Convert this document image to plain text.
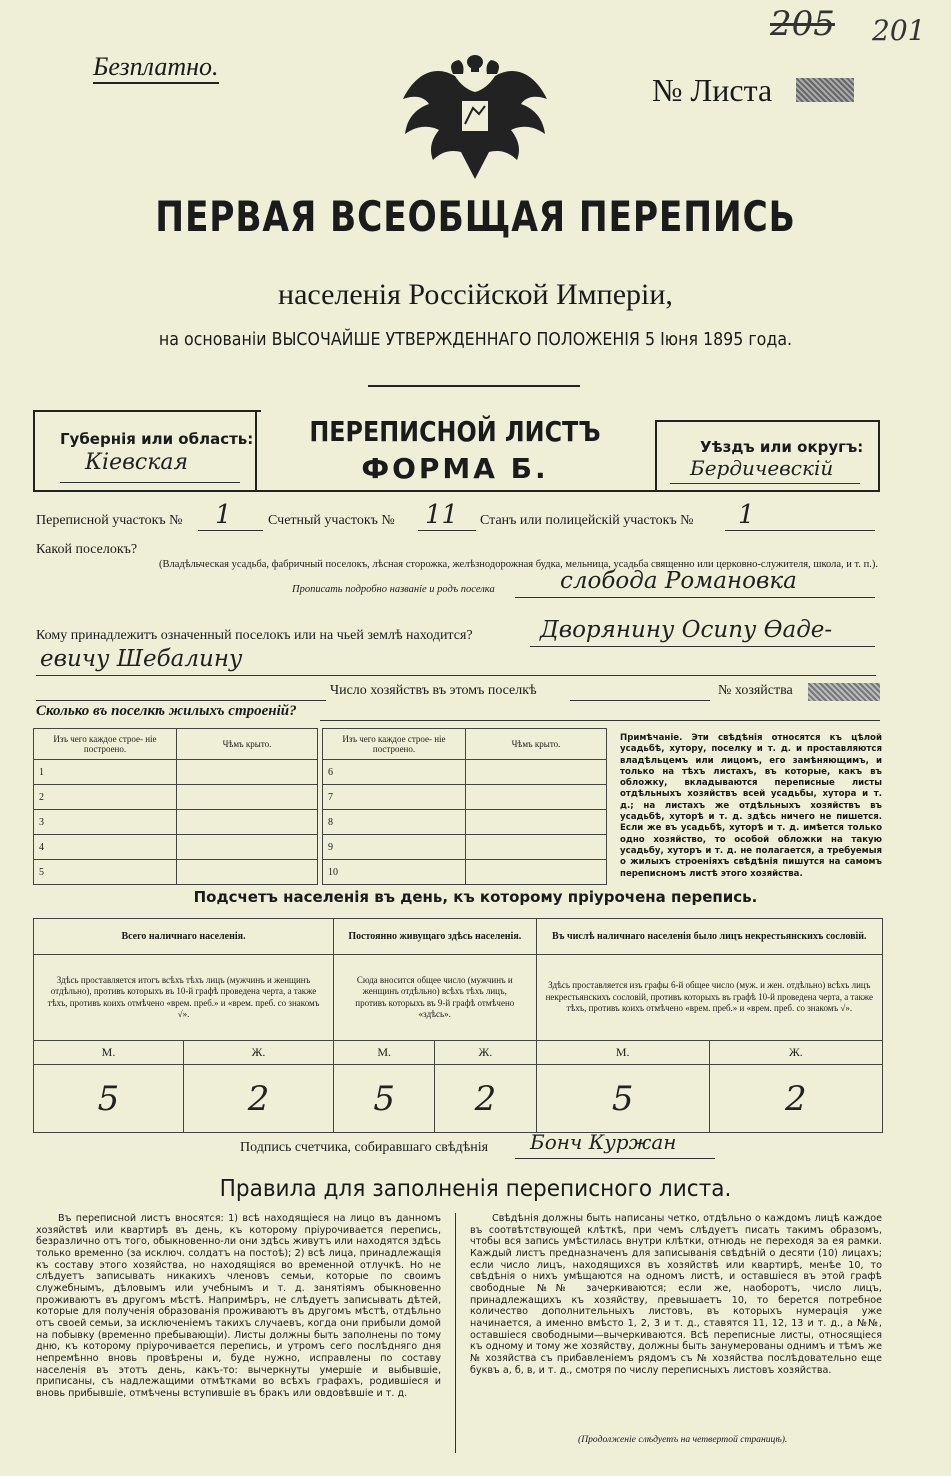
205 201
Безплатно.
№ Листа
ПЕРВАЯ ВСЕОБЩАЯ ПЕРЕПИСЬ
населенія Россійской Имперіи,
на основаніи ВЫСОЧАЙШЕ УТВЕРЖДЕННАГО ПОЛОЖЕНІЯ 5 Іюня 1895 года.
Губернія или область:
Кіевская
ПЕРЕПИСНОЙ ЛИСТЪ
ФОРМА Б.
Уѣздъ или округъ:
Бердичевскій
Переписной участокъ № 1	Счетный участокъ № 11 Станъ или полицейскій участокъ № 1
Какой поселокъ?
(Владѣльческая усадьба, фабричный поселокъ, лѣсная сторожка, желѣзнодорожная будка, мельница, усадьба священно или церковно-служителя, школа, и т. п.).
Прописать подробно названіе и родъ поселка	слобода Романовка
Кому принадлежитъ означенный поселокъ или на чьей землѣ находится?	Дворянину Осипу Ѳаде-
евичу Шебалину
Число хозяйствъ въ этомъ поселкѣ	№ хозяйства
Сколько въ поселкѣ жилыхъ строеній?
Изъ чего каждое строе- ніе построено.	Чѣмъ крыто.
1	
2	
3	
4	
5	
Изъ чего каждое строе- ніе построено.	Чѣмъ крыто.
6	
7	
8	
9	
10	
Примѣчаніе. Эти свѣдѣнія относятся къ цѣлой усадьбѣ, хутору, поселку и т. д. и проставляются владѣльцемъ или лицомъ, его замѣняющимъ, и только на тѣхъ листахъ, въ которые, какъ въ обложку, вкладываются переписные листы отдѣльныхъ хозяйствъ всей усадьбы, хутора и т. д.; на листахъ же отдѣльныхъ хозяйствъ въ усадьбѣ, хуторѣ и т. д. здѣсь ничего не пишется. Если же въ усадьбѣ, хуторѣ и т. д. имѣется только одно хозяйство, то особой обложки на такую усадьбу, хуторъ и т. д. не полагается, а требуемыя о жилыхъ строеніяхъ свѣдѣнія пишутся на самомъ переписномъ листѣ этого хозяйства.
Подсчетъ населенія въ день, къ которому пріурочена перепись.
Всего наличнаго населенія.		Постоянно живущаго здѣсь населенія.		Въ числѣ наличнаго населенія было лицъ некрестьянскихъ сословій.	
Здѣсь проставляется итогъ всѣхъ тѣхъ лицъ (мужчинъ и женщинъ отдѣльно), противъ которыхъ въ 10-й графѣ проведена черта, а также тѣхъ, противъ коихъ отмѣчено «врем. преб.» и «врем. преб. со знакомъ √».		Сюда вносится общее число (мужчинъ и женщинъ отдѣльно) всѣхъ тѣхъ лицъ, противъ которыхъ въ 9-й графѣ отмѣчено «здѣсь».		Здѣсь проставляется изъ графы 6-й общее число (муж. и жен. отдѣльно) всѣхъ лицъ некрестьянскихъ сословій, противъ которыхъ въ графѣ 10-й проведена черта, а также тѣхъ, противъ коихъ отмѣчено «врем. преб.» и «врем. преб. со знакомъ √».	
М.	Ж.	М.	Ж.	М.	Ж.
5	2	5	2	5	2
Подпись счетчика, собиравшаго свѣдѣнія Бонч Куржан
Правила для заполненія переписного листа.
Въ переписной листъ вносятся: 1) всѣ находящіеся на лицо въ данномъ хозяйствѣ или квартирѣ въ день, къ которому пріурочивается перепись, безразлично отъ того, обыкновенно-ли они здѣсь живутъ или находятся здѣсь только временно (за исключ. солдатъ на постоѣ); 2) всѣ лица, принадлежащія къ составу этого хозяйства, но находящіяся во временной отлучкѣ. Но не слѣдуетъ записывать никакихъ членовъ семьи, которые по своимъ служебнымъ, дѣловымъ или учебнымъ и т. д. занятіямъ обыкновенно проживаютъ въ другомъ мѣстѣ. Напримѣръ, не слѣдуетъ записывать дѣтей, которые для полученія образованія проживаютъ въ другомъ мѣстѣ, отдѣльно отъ своей семьи, за исключеніемъ такихъ случаевъ, когда они прибыли домой на побывку (временно пребывающіи). Листы должны быть заполнены по тому дню, къ которому пріурочивается перепись, и утромъ сего послѣдняго дня непремѣнно вновь провѣрены и, буде нужно, исправлены по составу населенія въ этотъ день, какъ-то: вычеркнуты умершіе и выбывшіе, приписаны, съ надлежащими отмѣтками во всѣхъ графахъ, родившіеся и вновь прибывшіе, отмѣчены вступившіе въ бракъ или овдовѣвшіе и т. д.
Свѣдѣнія должны быть написаны четко, отдѣльно о каждомъ лицѣ каждое въ соотвѣтствующей клѣткѣ, при чемъ слѣдуетъ писать такимъ образомъ, чтобы вся запись умѣстилась внутри клѣтки, отнюдь не переходя за ея рамки. Каждый листъ предназначенъ для записыванія свѣдѣній о десяти (10) лицахъ; если число лицъ, находящихся въ хозяйствѣ или квартирѣ, менѣе 10, то свѣдѣнія о нихъ умѣщаются на одномъ листѣ, и оставшіеся въ этой графѣ свободные №№ зачеркиваются; если же, наоборотъ, число лицъ, принадлежащихъ къ хозяйству, превышаетъ 10, то берется потребное количество дополнительныхъ листовъ, въ которыхъ нумерація уже начинается, а именно вмѣсто 1, 2, 3 и т. д., ставятся 11, 12, 13 и т. д., а №№, оставшіеся свободными—вычеркиваются. Всѣ переписные листы, относящіеся къ одному и тому же хозяйству, должны быть занумерованы однимъ и тѣмъ же № хозяйства съ прибавленіемъ рядомъ съ № хозяйства послѣдовательно еще буквъ а, б, в, и т. д., смотря по числу переписныхъ листовъ хозяйства.
(Продолженіе слѣдуетъ на четвертой страницѣ).
